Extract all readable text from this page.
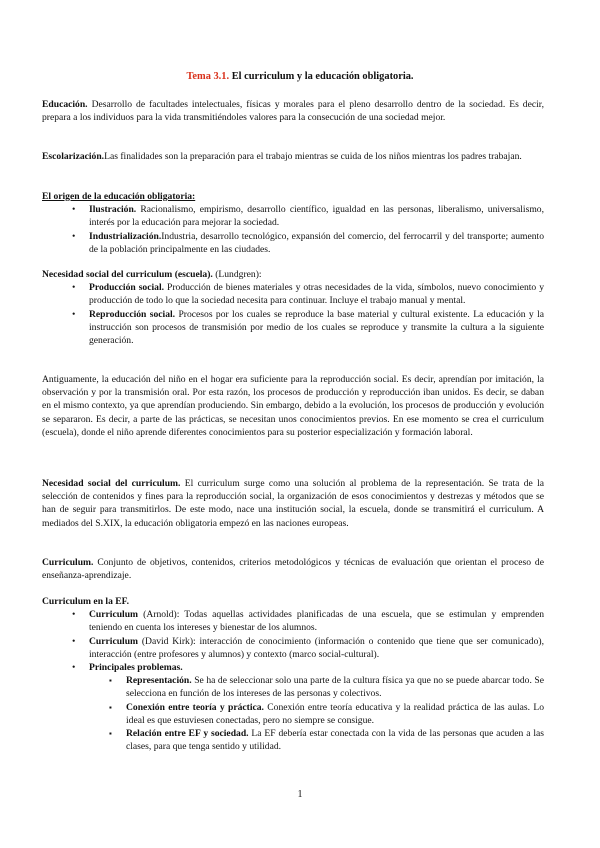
Tema 3.1. El curriculum y la educación obligatoria.

Educación. Desarrollo de facultades intelectuales, físicas y morales para el pleno desarrollo dentro de la sociedad. Es decir, prepara a los individuos para la vida transmitiéndoles valores para la consecución de una sociedad mejor.

Escolarización.Las finalidades son la preparación para el trabajo mientras se cuida de los niños mientras los padres trabajan.

El origen de la educación obligatoria:
• Ilustración. Racionalismo, empirismo, desarrollo científico, igualdad en las personas, liberalismo, universalismo, interés por la educación para mejorar la sociedad.
• Industrialización.Industria, desarrollo tecnológico, expansión del comercio, del ferrocarril y del transporte; aumento de la población principalmente en las ciudades.
Necesidad social del curriculum (escuela). (Lundgren):
• Producción social. Producción de bienes materiales y otras necesidades de la vida, símbolos, nuevo conocimiento y producción de todo lo que la sociedad necesita para continuar. Incluye el trabajo manual y mental.
• Reproducción social. Procesos por los cuales se reproduce la base material y cultural existente. La educación y la instrucción son procesos de transmisión por medio de los cuales se reproduce y transmite la cultura a la siguiente generación.

Antiguamente, la educación del niño en el hogar era suficiente para la reproducción social. Es decir, aprendían por imitación, la observación y por la transmisión oral. Por esta razón, los procesos de producción y reproducción iban unidos. Es decir, se daban en el mismo contexto, ya que aprendían produciendo. Sin embargo, debido a la evolución, los procesos de producción y evolución se separaron. Es decir, a parte de las prácticas, se necesitan unos conocimientos previos. En ese momento se crea el curriculum (escuela), donde el niño aprende diferentes conocimientos para su posterior especialización y formación laboral.

Necesidad social del curriculum. El curriculum surge como una solución al problema de la representación. Se trata de la selección de contenidos y fines para la reproducción social, la organización de esos conocimientos y destrezas y métodos que se han de seguir para transmitirlos. De este modo, nace una institución social, la escuela, donde se transmitirá el curriculum. A mediados del S.XIX, la educación obligatoria empezó en las naciones europeas.

Curriculum. Conjunto de objetivos, contenidos, criterios metodológicos y técnicas de evaluación que orientan el proceso de enseñanza-aprendizaje.

Curriculum en la EF.
• Curriculum (Arnold): Todas aquellas actividades planificadas de una escuela, que se estimulan y emprenden teniendo en cuenta los intereses y bienestar de los alumnos.
• Curriculum (David Kirk): interacción de conocimiento (información o contenido que tiene que ser comunicado), interacción (entre profesores y alumnos) y contexto (marco social-cultural).
• Principales problemas.
▪ Representación. Se ha de seleccionar solo una parte de la cultura física ya que no se puede abarcar todo. Se selecciona en función de los intereses de las personas y colectivos.
▪ Conexión entre teoría y práctica. Conexión entre teoría educativa y la realidad práctica de las aulas. Lo ideal es que estuviesen conectadas, pero no siempre se consigue.
▪ Relación entre EF y sociedad. La EF debería estar conectada con la vida de las personas que acuden a las clases, para que tenga sentido y utilidad.
1
